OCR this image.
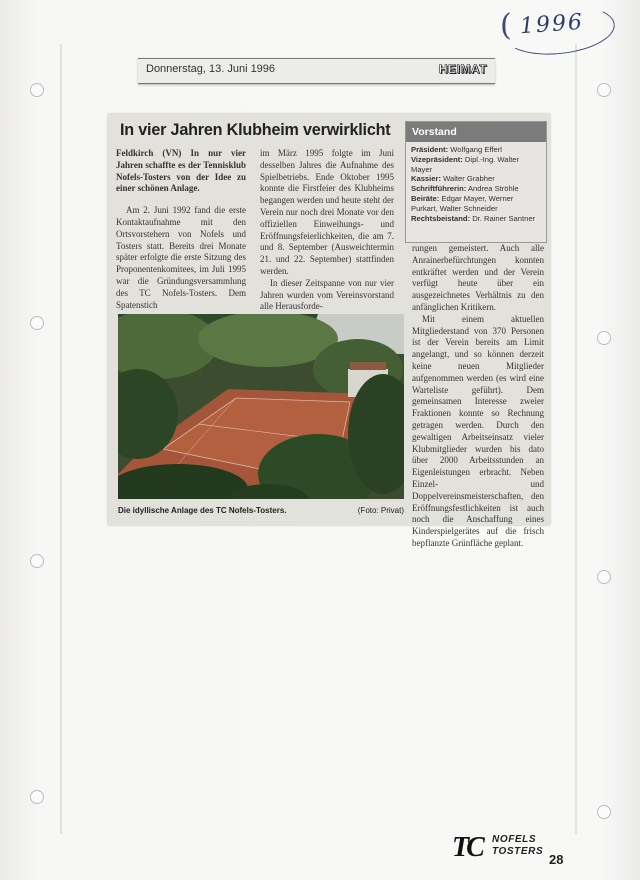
( 1996
Donnerstag, 13. Juni 1996	HEIMAT
In vier Jahren Klubheim verwirklicht

Feldkirch (VN) In nur vier Jahren schaffte es der Tennisklub Nofels-Tosters von der Idee zu einer schönen Anlage.

Am 2. Juni 1992 fand die erste Kontaktaufnahme mit den Ortsvorstehern von Nofels und Tosters statt. Bereits drei Monate später erfolgte die erste Sitzung des Proponentenkomitees, im Juli 1995 war die Gründungsversammlung des TC Nofels-Tosters. Dem Spatenstich

im März 1995 folgte im Juni desselben Jahres die Aufnahme des Spielbetriebs. Ende Oktober 1995 konnte die Firstfeier des Klubheims begangen werden und heute steht der Verein nur noch drei Monate vor den offiziellen Einweihungs- und Eröffnungsfeierlichkeiten, die am 7. und 8. September (Ausweichtermin 21. und 22. September) stattfinden werden.

In dieser Zeitspanne von nur vier Jahren wurden vom Vereinsvorstand alle Herausforde-

Vorstand
Präsident: Wolfgang Efferl
Vizepräsident: Dipl.-Ing. Walter Mayer
Kassier: Walter Grabher
Schriftführerin: Andrea Ströhle
Beiräte: Edgar Mayer, Werner Purkart, Walter Schneider
Rechtsbeistand: Dr. Rainer Santner

rungen gemeistert. Auch alle Anrainerbefürchtungen konnten entkräftet werden und der Verein verfügt heute über ein ausgezeichnetes Verhältnis zu den anfänglichen Kritikern.

Mit einem aktuellen Mitgliederstand von 370 Personen ist der Verein bereits am Limit angelangt, und so können derzeit keine neuen Mitglieder aufgenommen werden (es wird eine Warteliste geführt). Dem gemeinsamen Interesse zweier Fraktionen konnte so Rechnung getragen werden. Durch den gewaltigen Arbeitseinsatz vieler Klubmitglieder wurden bis dato über 2000 Arbeitsstunden an Eigenleistungen erbracht. Neben Einzel- und Doppelvereinsmeisterschaften, den Eröffnungsfestlichkeiten ist auch noch die Anschaffung eines Kinderspielgerätes auf die frisch bepflanzte Grünfläche geplant.

Die idyllische Anlage des TC Nofels-Tosters.	(Foto: Privat)
TC NOFELS
TOSTERS
28
